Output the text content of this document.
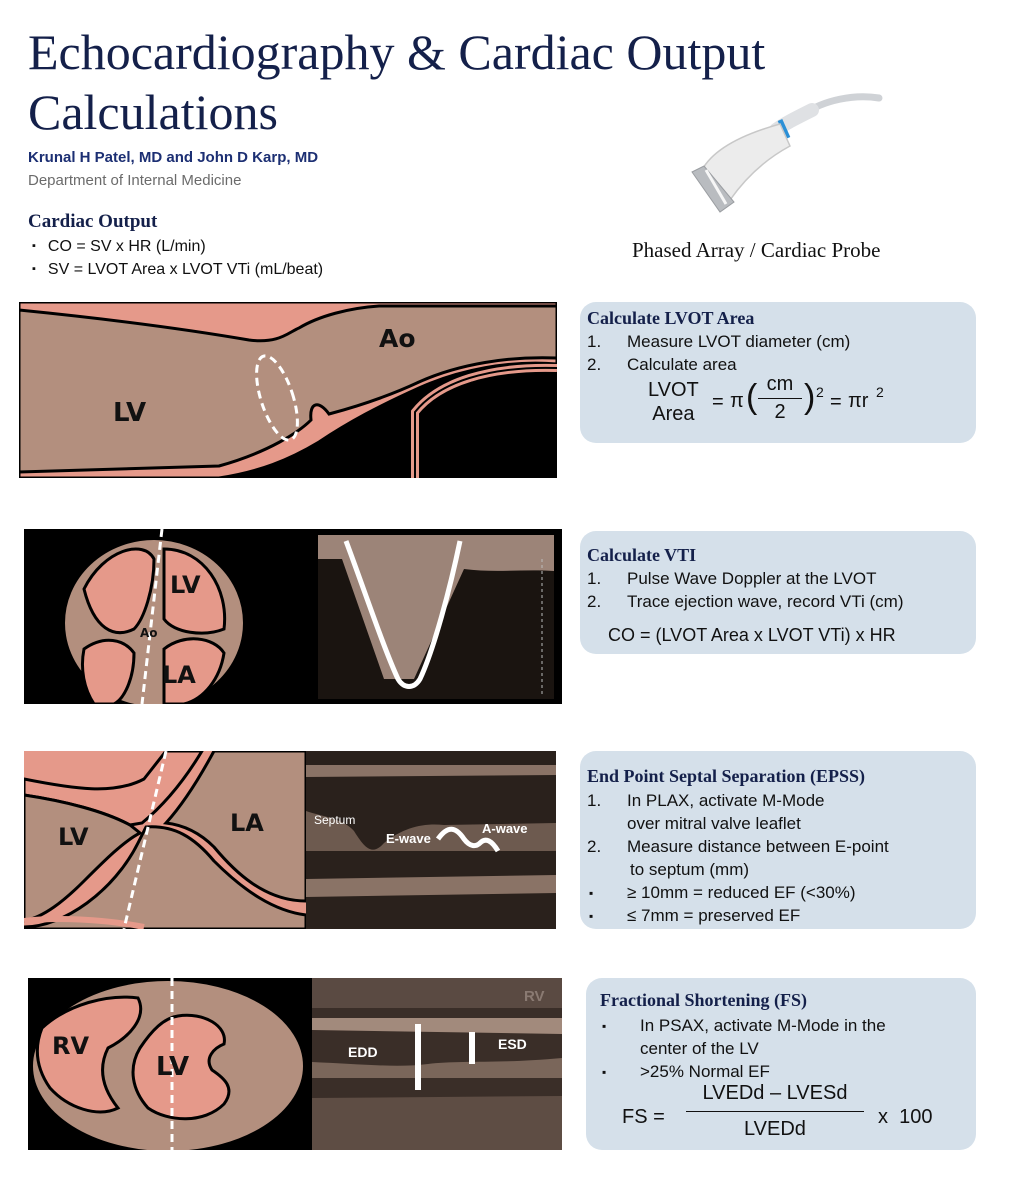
Echocardiography & Cardiac Output Calculations
Krunal H Patel, MD and John D Karp, MD
Department of Internal Medicine
Cardiac Output
▪ CO = SV x HR (L/min)
▪ SV = LVOT Area x LVOT VTi (mL/beat)
Phased Array / Cardiac Probe
Ao
LV
Calculate LVOT Area
1. Measure LVOT diameter (cm)
2. Calculate area
LVOT
Area
= π ( cm
2 ) 2 = πr 2
LV
Ao
LA
Calculate VTI
1. Pulse Wave Doppler at the LVOT
2. Trace ejection wave, record VTi (cm)
CO = (LVOT Area x LVOT VTi) x HR
LV	LA	Septum
E-wave
A-wave
End Point Septal Separation (EPSS)
1. In PLAX, activate M-Mode
over mitral valve leaflet
2. Measure distance between E-point
to septum (mm)
▪ ≥ 10mm = reduced EF (<30%)
▪ ≤ 7mm = preserved EF
RV
LV
RV
EDD	ESD
Fractional Shortening (FS)
▪ In PSAX, activate M-Mode in the center of the LV
▪ >25% Normal EF
FS =
LVEDd – LVESd
LVEDd
x  100
